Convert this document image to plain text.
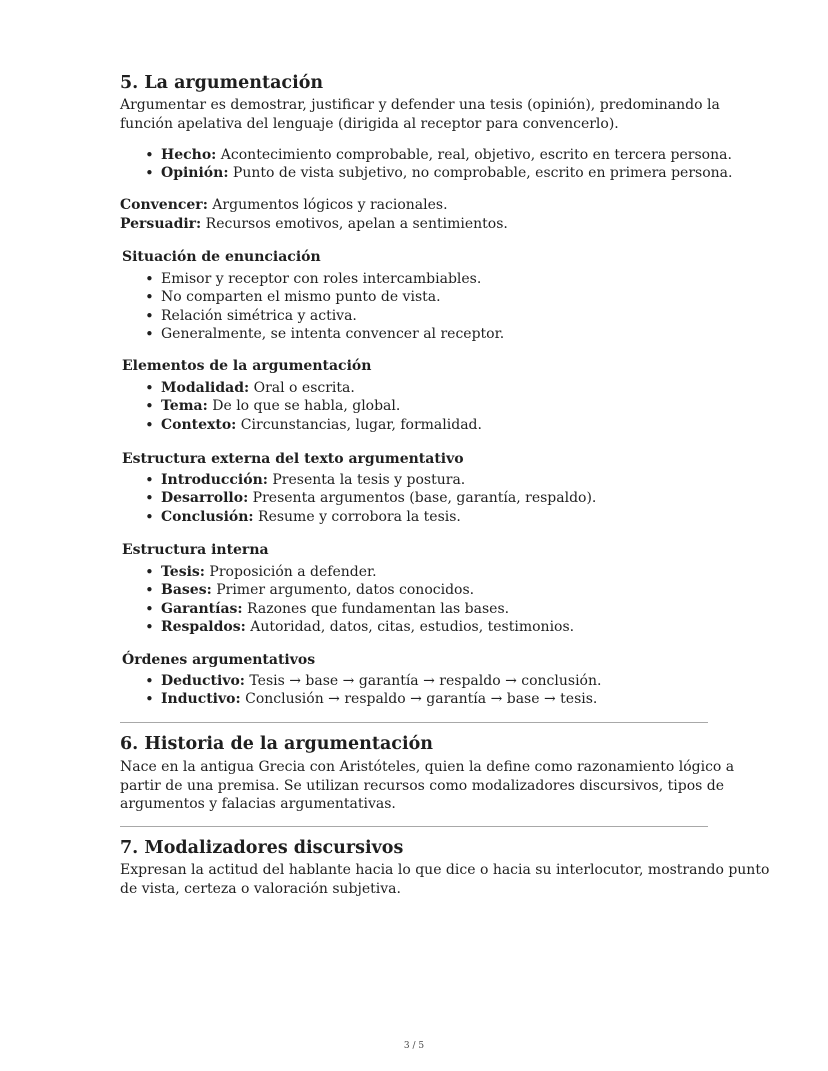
5. La argumentación
Argumentar es demostrar, justificar y defender una tesis (opinión), predominando la
función apelativa del lenguaje (dirigida al receptor para convencerlo).
• Hecho: Acontecimiento comprobable, real, objetivo, escrito en tercera persona.
• Opinión: Punto de vista subjetivo, no comprobable, escrito en primera persona.
Convencer: Argumentos lógicos y racionales.
Persuadir: Recursos emotivos, apelan a sentimientos.
Situación de enunciación
• Emisor y receptor con roles intercambiables.
• No comparten el mismo punto de vista.
• Relación simétrica y activa.
• Generalmente, se intenta convencer al receptor.
Elementos de la argumentación
• Modalidad: Oral o escrita.
• Tema: De lo que se habla, global.
• Contexto: Circunstancias, lugar, formalidad.
Estructura externa del texto argumentativo
• Introducción: Presenta la tesis y postura.
• Desarrollo: Presenta argumentos (base, garantía, respaldo).
• Conclusión: Resume y corrobora la tesis.
Estructura interna
• Tesis: Proposición a defender.
• Bases: Primer argumento, datos conocidos.
• Garantías: Razones que fundamentan las bases.
• Respaldos: Autoridad, datos, citas, estudios, testimonios.
Órdenes argumentativos
• Deductivo: Tesis → base → garantía → respaldo → conclusión.
• Inductivo: Conclusión → respaldo → garantía → base → tesis.
6. Historia de la argumentación
Nace en la antigua Grecia con Aristóteles, quien la define como razonamiento lógico a
partir de una premisa. Se utilizan recursos como modalizadores discursivos, tipos de
argumentos y falacias argumentativas.
7. Modalizadores discursivos
Expresan la actitud del hablante hacia lo que dice o hacia su interlocutor, mostrando punto
de vista, certeza o valoración subjetiva.
3 / 5
